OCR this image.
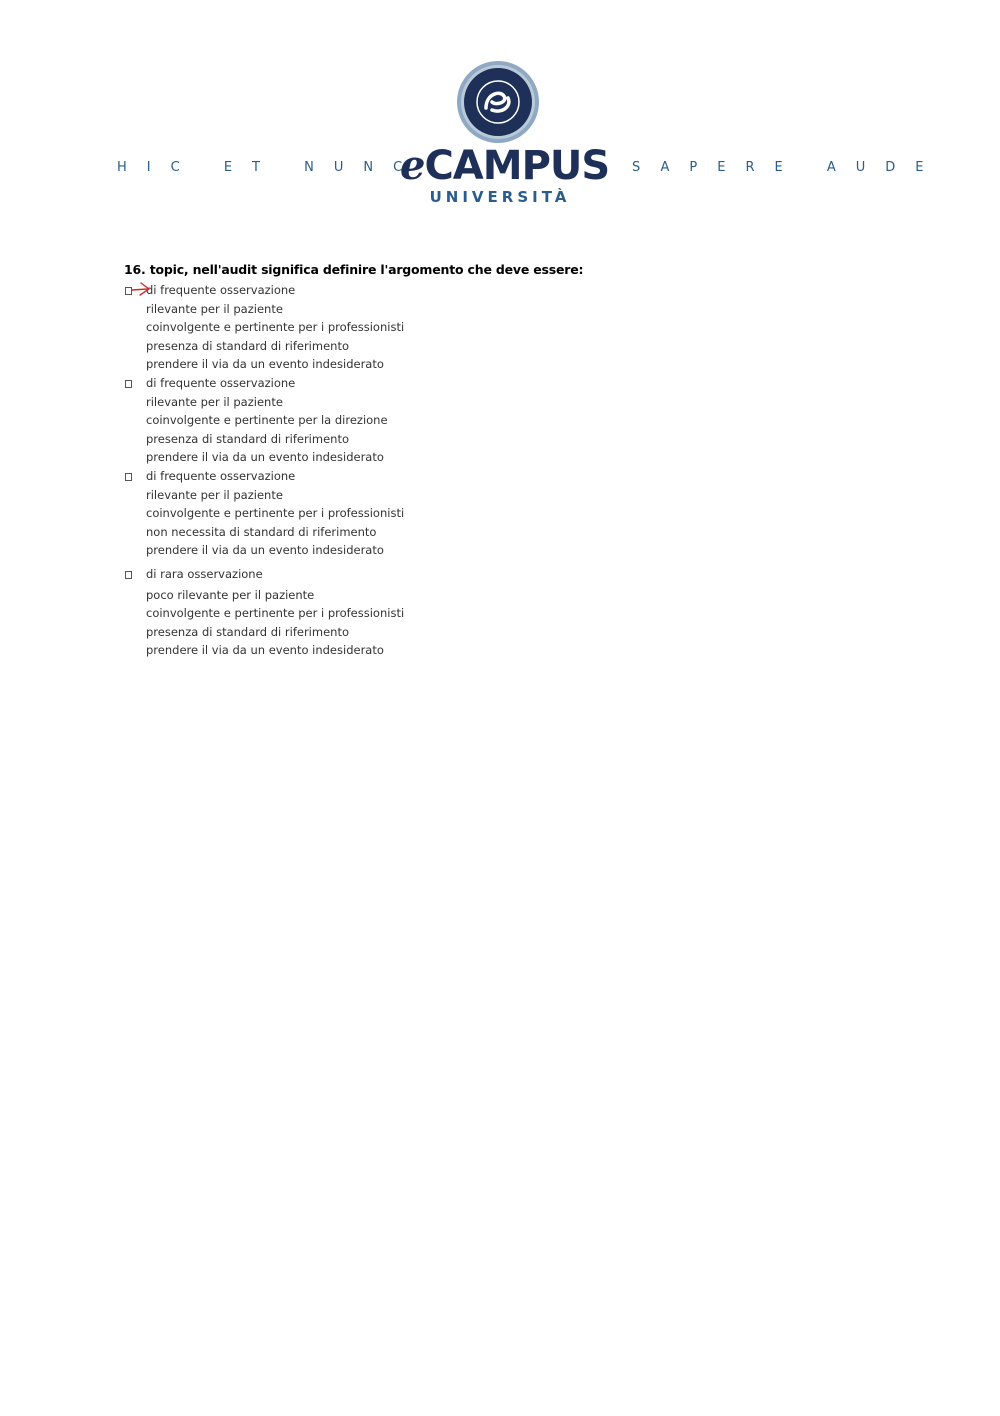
HIC ET NUNC
eCAMPUS
UNIVERSITÀ
SAPERE AUDE
16. topic, nell'audit significa definire l'argomento che deve essere:
di frequente osservazione
rilevante per il paziente
coinvolgente e pertinente per i professionisti
presenza di standard di riferimento
prendere il via da un evento indesiderato
di frequente osservazione
rilevante per il paziente
coinvolgente e pertinente per la direzione
presenza di standard di riferimento
prendere il via da un evento indesiderato
di frequente osservazione
rilevante per il paziente
coinvolgente e pertinente per i professionisti
non necessita di standard di riferimento
prendere il via da un evento indesiderato
di rara osservazione
poco rilevante per il paziente
coinvolgente e pertinente per i professionisti
presenza di standard di riferimento
prendere il via da un evento indesiderato
